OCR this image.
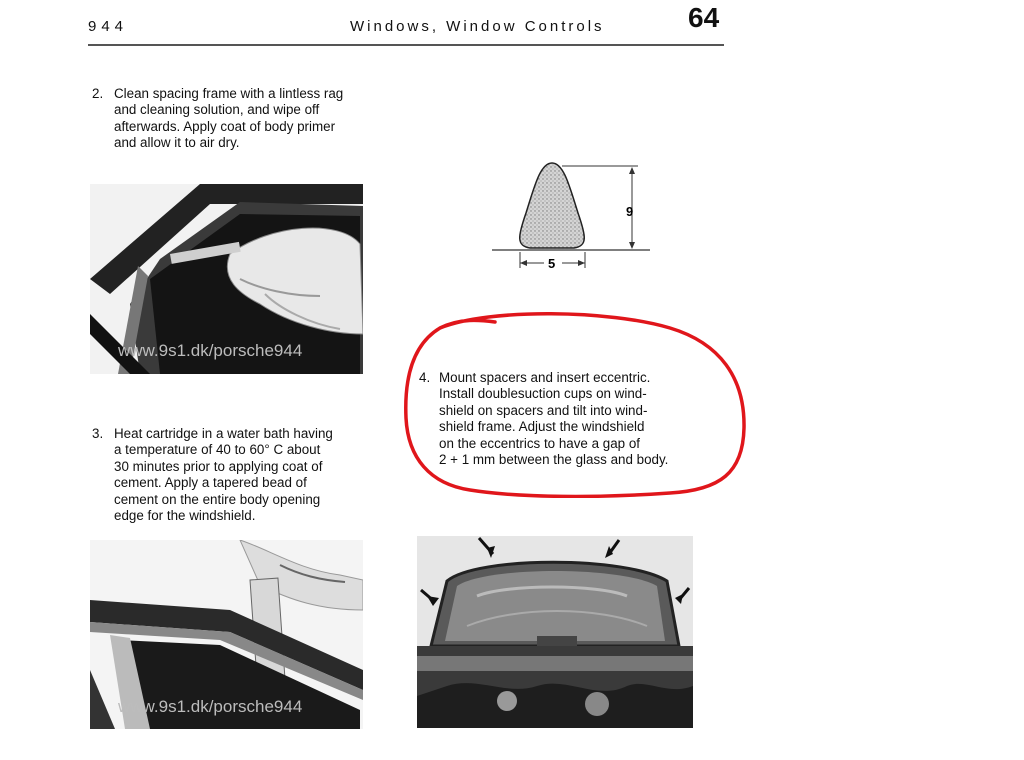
944	Windows, Window Controls	64
2. Clean spacing frame with a lintless rag
and cleaning solution, and wipe off
afterwards. Apply coat of body primer
and allow it to air dry.
www.9s1.dk/porsche944
9
5
4. Mount spacers and insert eccentric.
Install doublesuction cups on wind-
shield on spacers and tilt into wind-
shield frame. Adjust the windshield
on the eccentrics to have a gap of
2 + 1 mm between the glass and body.
3. Heat cartridge in a water bath having
a temperature of 40 to 60° C about
30 minutes prior to applying coat of
cement. Apply a tapered bead of
cement on the entire body opening
edge for the windshield.
www.9s1.dk/porsche944
